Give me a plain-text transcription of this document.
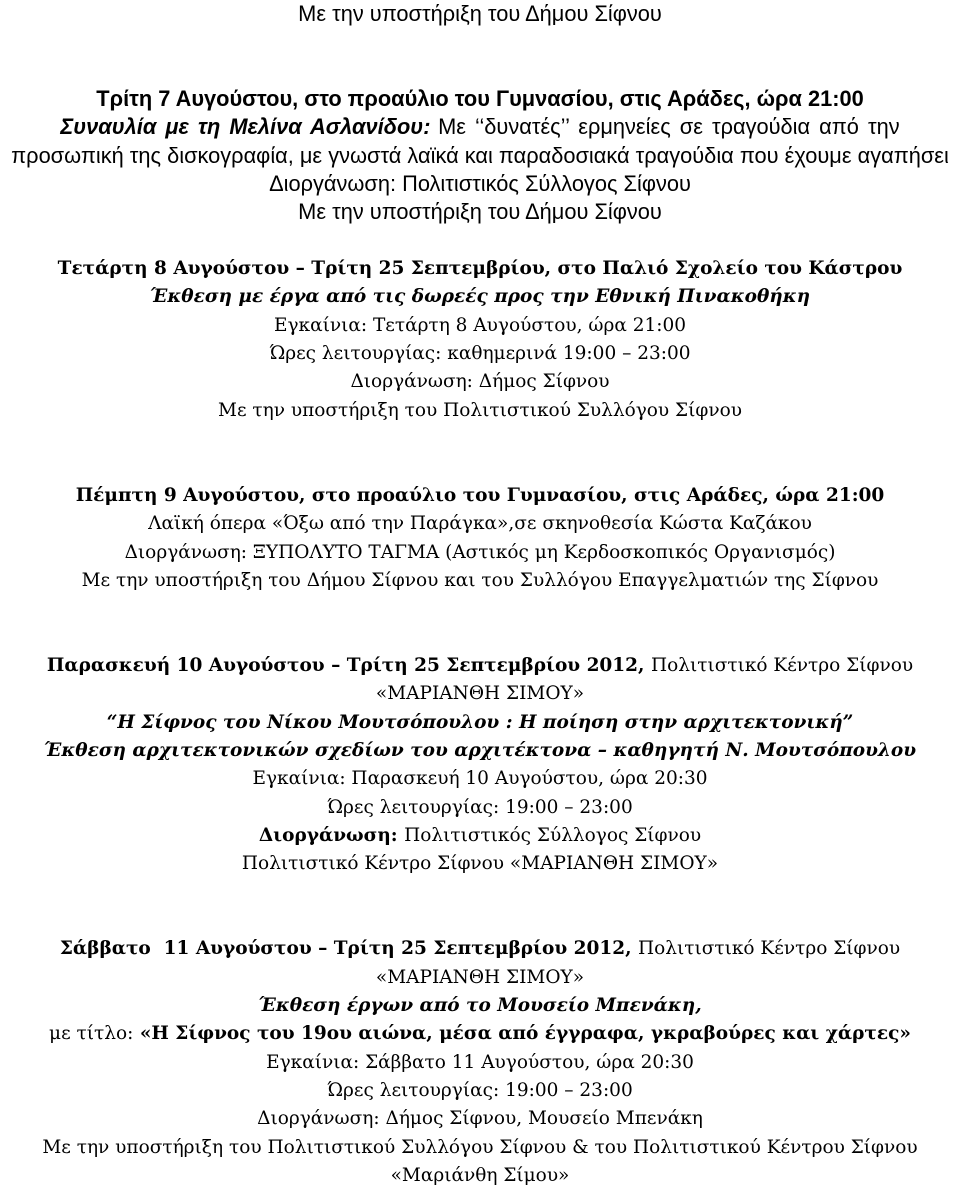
Με την υποστήριξη του Δήμου Σίφνου
Τρίτη 7 Αυγούστου, στο προαύλιο του Γυμνασίου, στις Αράδες, ώρα 21:00
Συναυλία με τη Μελίνα Ασλανίδου: Με ‘‘δυνατές’’ ερμηνείες σε τραγούδια από την
προσωπική της δισκογραφία, με γνωστά λαϊκά και παραδοσιακά τραγούδια που έχουμε αγαπήσει
Διοργάνωση: Πολιτιστικός Σύλλογος Σίφνου
Με την υποστήριξη του Δήμου Σίφνου
Τετάρτη 8 Αυγούστου – Τρίτη 25 Σεπτεμβρίου, στο Παλιό Σχολείο του Κάστρου
Έκθεση με έργα από τις δωρεές προς την Εθνική Πινακοθήκη
Εγκαίνια: Τετάρτη 8 Αυγούστου, ώρα 21:00
Ώρες λειτουργίας: καθημερινά 19:00 – 23:00
Διοργάνωση: Δήμος Σίφνου
Με την υποστήριξη του Πολιτιστικού Συλλόγου Σίφνου
Πέμπτη 9 Αυγούστου, στο προαύλιο του Γυμνασίου, στις Αράδες, ώρα 21:00
Λαϊκή όπερα «Όξω από την Παράγκα»,σε σκηνοθεσία Κώστα Καζάκου
Διοργάνωση: ΞΥΠΟΛΥΤΟ ΤΑΓΜΑ (Αστικός μη Κερδοσκοπικός Οργανισμός)
Με την υποστήριξη του Δήμου Σίφνου και του Συλλόγου Επαγγελματιών της Σίφνου
Παρασκευή 10 Αυγούστου – Τρίτη 25 Σεπτεμβρίου 2012, Πολιτιστικό Κέντρο Σίφνου
«ΜΑΡΙΑΝΘΗ ΣΙΜΟΥ»
“Η Σίφνος του Νίκου Μουτσόπουλου : Η ποίηση στην αρχιτεκτονική”
Έκθεση αρχιτεκτονικών σχεδίων του αρχιτέκτονα – καθηγητή Ν. Μουτσόπουλου
Εγκαίνια: Παρασκευή 10 Αυγούστου, ώρα 20:30
Ώρες λειτουργίας: 19:00 – 23:00
Διοργάνωση: Πολιτιστικός Σύλλογος Σίφνου
Πολιτιστικό Κέντρο Σίφνου «ΜΑΡΙΑΝΘΗ ΣΙΜΟΥ»
Σάββατο  11 Αυγούστου – Τρίτη 25 Σεπτεμβρίου 2012, Πολιτιστικό Κέντρο Σίφνου
«ΜΑΡΙΑΝΘΗ ΣΙΜΟΥ»
Έκθεση έργων από το Μουσείο Μπενάκη,
με τίτλο: «Η Σίφνος του 19ου αιώνα, μέσα από έγγραφα, γκραβούρες και χάρτες»
Εγκαίνια: Σάββατο 11 Αυγούστου, ώρα 20:30
Ώρες λειτουργίας: 19:00 – 23:00
Διοργάνωση: Δήμος Σίφνου, Μουσείο Μπενάκη
Με την υποστήριξη του Πολιτιστικού Συλλόγου Σίφνου & του Πολιτιστικού Κέντρου Σίφνου
«Μαριάνθη Σίμου»
